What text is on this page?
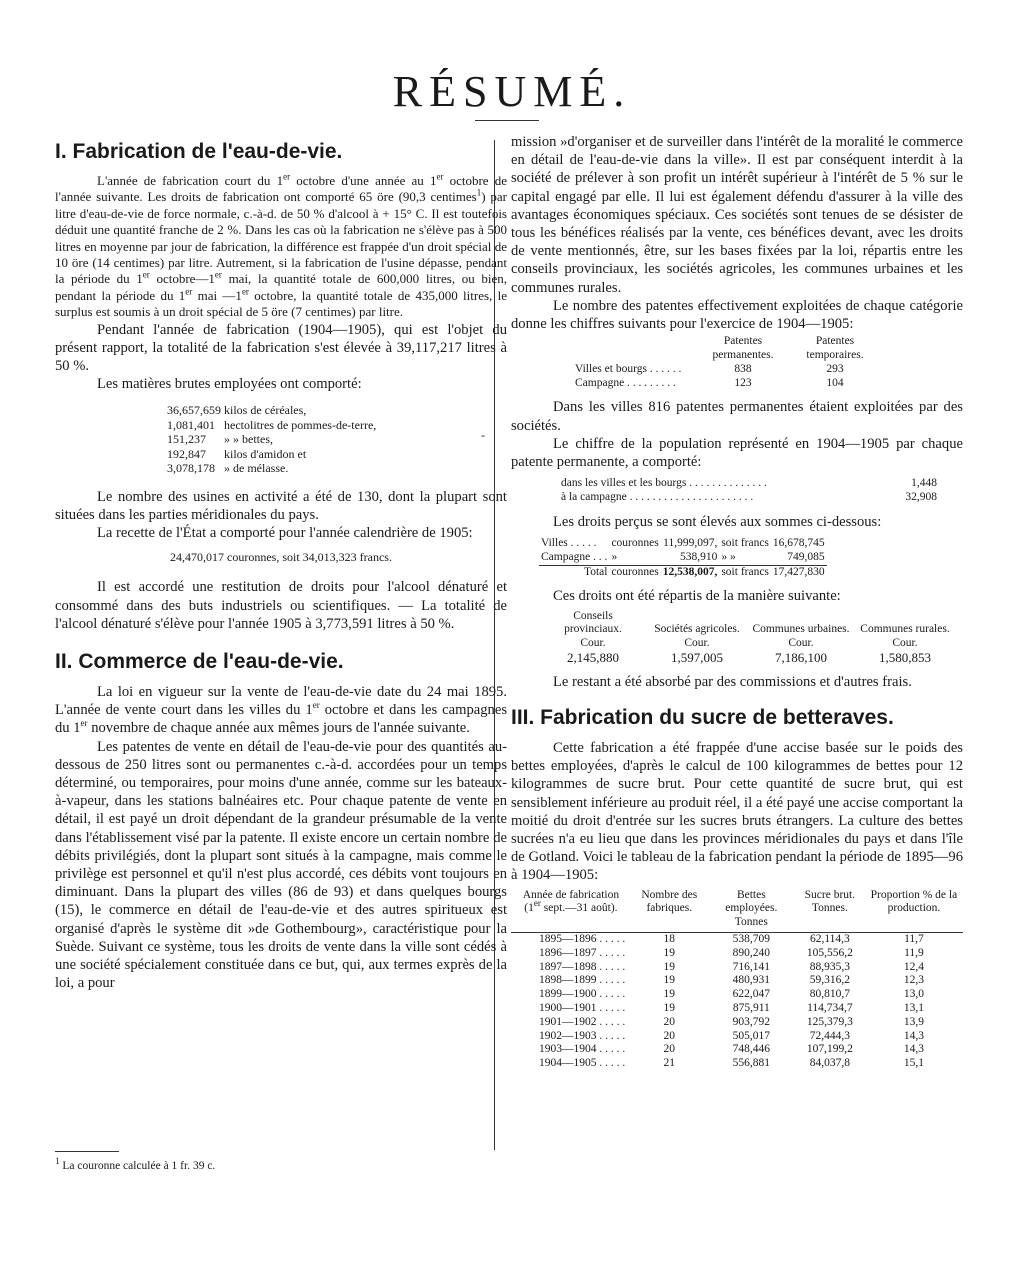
RÉSUMÉ.
-
I. Fabrication de l'eau-de-vie.

L'année de fabrication court du 1er octobre d'une année au 1er octobre de l'année suivante. Les droits de fabrication ont comporté 65 öre (90,3 centimes$^1$) par litre d'eau-de-vie de force normale, c.-à-d. de 50 % d'alcool à + 15° C. Il est toutefois déduit une quantité franche de 2 %. Dans les cas où la fabrication ne s'élève pas à 500 litres en moyenne par jour de fabrication, la différence est frappée d'un droit spécial de 10 öre (14 centimes) par litre. Autrement, si la fabrication de l'usine dépasse, pendant la période du 1er octobre—1er mai, la quantité totale de 600,000 litres, ou bien, pendant la période du 1er mai —1er octobre, la quantité totale de 435,000 litres, le surplus est soumis à un droit spécial de 5 öre (7 centimes) par litre.

Pendant l'année de fabrication (1904—1905), qui est l'objet du présent rapport, la totalité de la fabrication s'est élevée à 39,117,217 litres à 50 %.

Les matières brutes employées ont comporté:

36,657,659 kilos de céréales,
1,081,401 hectolitres de pommes-de-terre,
151,237 » » bettes,
192,847 kilos d'amidon et
3,078,178 » de mélasse.

Le nombre des usines en activité a été de 130, dont la plupart sont situées dans les parties méridionales du pays.

La recette de l'État a comporté pour l'année calendrière de 1905:

24,470,017 couronnes, soit 34,013,323 francs.

Il est accordé une restitution de droits pour l'alcool dénaturé et consommé dans des buts industriels ou scientifiques. — La totalité de l'alcool dénaturé s'élève pour l'année 1905 à 3,773,591 litres à 50 %.

II. Commerce de l'eau-de-vie.

La loi en vigueur sur la vente de l'eau-de-vie date du 24 mai 1895. L'année de vente court dans les villes du 1er octobre et dans les campagnes du 1er novembre de chaque année aux mêmes jours de l'année suivante.

Les patentes de vente en détail de l'eau-de-vie pour des quantités au-dessous de 250 litres sont ou permanentes c.-à-d. accordées pour un temps déterminé, ou temporaires, pour moins d'une année, comme sur les bateaux-à-vapeur, dans les stations balnéaires etc. Pour chaque patente de vente en détail, il est payé un droit dépendant de la grandeur présumable de la vente dans l'établissement visé par la patente. Il existe encore un certain nombre de débits privilégiés, dont la plupart sont situés à la campagne, mais comme le privilège est personnel et qu'il n'est plus accordé, ces débits vont toujours en diminuant. Dans la plupart des villes (86 de 93) et dans quelques bourgs (15), le commerce en détail de l'eau-de-vie et des autres spiritueux est organisé d'après le système dit »de Gothembourg», caractéristique pour la Suède. Suivant ce système, tous les droits de vente dans la ville sont cédés à une société spécialement constituée dans ce but, qui, aux termes exprès de la loi, a pour

$^1$ La couronne calculée à 1 fr. 39 c.

mission »d'organiser et de surveiller dans l'intérêt de la moralité le commerce en détail de l'eau-de-vie dans la ville». Il est par conséquent interdit à la société de prélever à son profit un intérêt supérieur à l'intérêt de 5 % sur le capital engagé par elle. Il lui est également défendu d'assurer à la ville des avantages économiques spéciaux. Ces sociétés sont tenues de se désister de tous les bénéfices réalisés par la vente, ces bénéfices devant, avec les droits de vente mentionnés, être, sur les bases fixées par la loi, répartis entre les conseils provinciaux, les sociétés agricoles, les communes urbaines et les communes rurales.

Le nombre des patentes effectivement exploitées de chaque catégorie donne les chiffres suivants pour l'exercice de 1904—1905:

	Patentes permanentes.	Patentes temporaires.
Villes et bourgs . . . . . .	838	293
Campagne . . . . . . . . .	123	104

Dans les villes 816 patentes permanentes étaient exploitées par des sociétés.

Le chiffre de la population représenté en 1904—1905 par chaque patente permanente, a comporté:

dans les villes et les bourgs . . . . . . . . . . . . . .	1,448
à la campagne . . . . . . . . . . . . . . . . . . . . . .	32,908

Les droits perçus se sont élevés aux sommes ci-dessous:

Villes . . . . .	couronnes	11,999,097,	soit francs	16,678,745
Campagne . . .	»	538,910	» »	749,085
Total	couronnes	12,538,007,	soit francs	17,427,830

Ces droits ont été répartis de la manière suivante:

Conseils provinciaux.	Sociétés agricoles.	Communes urbaines.	Communes rurales.
Cour.	Cour.	Cour.	Cour.
2,145,880	1,597,005	7,186,100	1,580,853

Le restant a été absorbé par des commissions et d'autres frais.

III. Fabrication du sucre de betteraves.

Cette fabrication a été frappée d'une accise basée sur le poids des bettes employées, d'après le calcul de 100 kilogrammes de bettes pour 12 kilogrammes de sucre brut. Pour cette quantité de sucre brut, qui est sensiblement inférieure au produit réel, il a été payé une accise comportant la moitié du droit d'entrée sur les sucres bruts étrangers. La culture des bettes sucrées n'a eu lieu que dans les provinces méridionales du pays et dans l'île de Gotland. Voici le tableau de la fabrication pendant la période de 1895—96 à 1904—1905:

Année de fabrication (1er sept.—31 août).	Nombre des fabriques.	Bettes employées. Tonnes	Sucre brut. Tonnes.	Proportion % de la production.
1895—1896 . . . . .	18	538,709	62,114,3	11,7
1896—1897 . . . . .	19	890,240	105,556,2	11,9
1897—1898 . . . . .	19	716,141	88,935,3	12,4
1898—1899 . . . . .	19	480,931	59,316,2	12,3
1899—1900 . . . . .	19	622,047	80,810,7	13,0
1900—1901 . . . . .	19	875,911	114,734,7	13,1
1901—1902 . . . . .	20	903,792	125,379,3	13,9
1902—1903 . . . . .	20	505,017	72,444,3	14,3
1903—1904 . . . . .	20	748,446	107,199,2	14,3
1904—1905 . . . . .	21	556,881	84,037,8	15,1
